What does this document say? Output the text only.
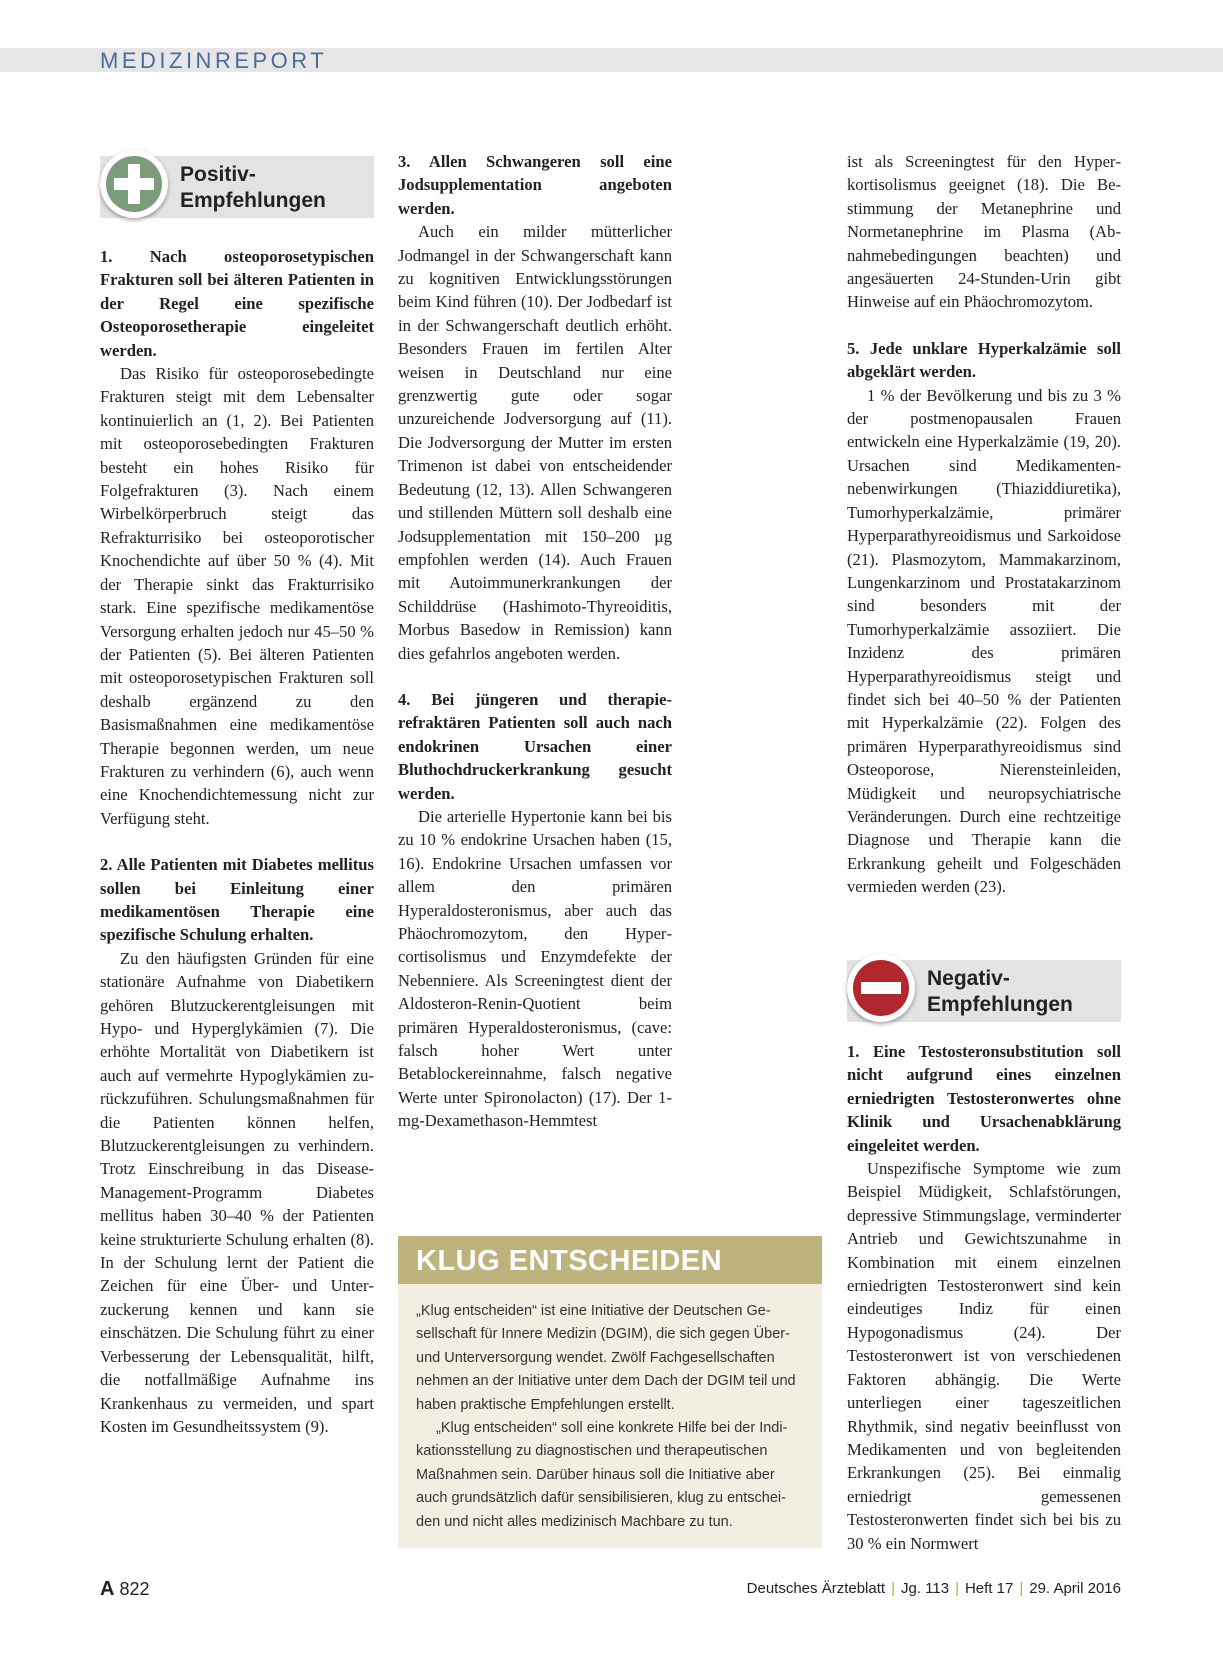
MEDIZINREPORT
Positiv-
Empfehlungen

1. Nach osteoporosetypischen Frakturen soll bei älteren Patienten in der Regel eine spezifische Osteoporosetherapie eingeleitet werden.

Das Risiko für osteoporosebedingte Frakturen steigt mit dem Lebensalter kontinuierlich an (1, 2). Bei Patienten mit osteoporosebedingten Frakturen besteht ein hohes Risiko für Folgefrakturen (3). Nach einem Wirbelkörperbruch steigt das Refrakturrisiko bei osteoporotischer Knochendichte auf über 50 % (4). Mit der Therapie sinkt das Frakturrisiko stark. Eine spezifische medikamentöse Versorgung erhalten jedoch nur 45–50 % der Patienten (5). Bei älteren Patienten mit osteoporosetypischen Frakturen soll deshalb ergänzend zu den Basismaßnahmen eine medikamentöse Therapie begonnen werden, um neue Frakturen zu verhindern (6), auch wenn eine Knochendichtemessung nicht zur Verfügung steht.

2. Alle Patienten mit Diabetes mellitus sollen bei Einleitung einer medikamentösen Therapie eine spezifische Schulung erhalten.

Zu den häufigsten Gründen für eine stationäre Aufnahme von Diabetikern gehören Blutzuckerentgleisungen mit Hypo- und Hyperglykämien (7). Die erhöhte Mortalität von Diabetikern ist auch auf vermehrte Hypoglykämien zurückzuführen. Schulungsmaßnahmen für die Patienten können helfen, Blutzuckerentgleisungen zu verhindern. Trotz Einschreibung in das Disease-Management-Programm Diabetes mellitus haben 30–40 % der Patienten keine strukturierte Schulung erhalten (8). In der Schulung lernt der Patient die Zeichen für eine Über- und Unterzuckerung kennen und kann sie einschätzen. Die Schulung führt zu einer Verbesserung der Lebensqualität, hilft, die notfallmäßige Aufnahme ins Krankenhaus zu vermeiden, und spart Kosten im Gesundheitssystem (9).

3. Allen Schwangeren soll eine Jodsupplementation angeboten werden.

Auch ein milder mütterlicher Jodmangel in der Schwangerschaft kann zu kognitiven Entwicklungsstörungen beim Kind führen (10). Der Jodbedarf ist in der Schwangerschaft deutlich erhöht. Besonders Frauen im fertilen Alter weisen in Deutschland nur eine grenzwertig gute oder sogar unzureichende Jodversorgung auf (11). Die Jodversorgung der Mutter im ersten Trimenon ist dabei von entscheidender Bedeutung (12, 13). Allen Schwangeren und stillenden Müttern soll deshalb eine Jodsupplementation mit 150–200 µg empfohlen werden (14). Auch Frauen mit Autoimmunerkrankungen der Schilddrüse (Hashimoto-Thyreoiditis, Morbus Basedow in Remission) kann dies gefahrlos angeboten werden.

4. Bei jüngeren und therapierefraktären Patienten soll auch nach endokrinen Ursachen einer Bluthochdruckerkrankung gesucht werden.

Die arterielle Hypertonie kann bei bis zu 10 % endokrine Ursachen haben (15, 16). Endokrine Ursachen umfassen vor allem den primären Hyperaldosteronismus, aber auch das Phäochromozytom, den Hypercortisolismus und Enzymdefekte der Nebenniere. Als Screeningtest dient der Aldosteron-Renin-Quotient beim primären Hyperaldosteronismus, (cave: falsch hoher Wert unter Betablockereinnahme, falsch negative Werte unter Spironolacton) (17). Der 1-mg-Dexamethason-Hemmtest

ist als Screeningtest für den Hyperkortisolismus geeignet (18). Die Bestimmung der Metanephrine und Normetanephrine im Plasma (Abnahmebedingungen beachten) und angesäuerten 24-Stunden-Urin gibt Hinweise auf ein Phäochromozytom.

5. Jede unklare Hyperkalzämie soll abgeklärt werden.

1 % der Bevölkerung und bis zu 3 % der postmenopausalen Frauen entwickeln eine Hyperkalzämie (19, 20). Ursachen sind Medikamentennebenwirkungen (Thiaziddiuretika), Tumorhyperkalzämie, primärer Hyperparathyreoidismus und Sarkoidose (21). Plasmozytom, Mammakarzinom, Lungenkarzinom und Prostatakarzinom sind besonders mit der Tumorhyperkalzämie assoziiert. Die Inzidenz des primären Hyperparathyreoidismus steigt und findet sich bei 40–50 % der Patienten mit Hyperkalzämie (22). Folgen des primären Hyperparathyreoidismus sind Osteoporose, Nierensteinleiden, Müdigkeit und neuropsychiatrische Veränderungen. Durch eine rechtzeitige Diagnose und Therapie kann die Erkrankung geheilt und Folgeschäden vermieden werden (23).

Negativ-
Empfehlungen

1. Eine Testosteronsubstitution soll nicht aufgrund eines einzelnen erniedrigten Testosteronwertes ohne Klinik und Ursachenabklärung eingeleitet werden.

Unspezifische Symptome wie zum Beispiel Müdigkeit, Schlafstörungen, depressive Stimmungslage, verminderter Antrieb und Gewichtszunahme in Kombination mit einem einzelnen erniedrigten Testosteronwert sind kein eindeutiges Indiz für einen Hypogonadismus (24). Der Testosteronwert ist von verschiedenen Faktoren abhängig. Die Werte unterliegen einer tageszeitlichen Rhythmik, sind negativ beeinflusst von Medikamenten und von begleitenden Erkrankungen (25). Bei einmalig erniedrigt gemessenen Testosteronwerten findet sich bei bis zu 30 % ein Normwert

KLUG ENTSCHEIDEN

„Klug entscheiden“ ist eine Initiative der Deutschen Gesellschaft für Innere Medizin (DGIM), die sich gegen Über- und Unterversorgung wendet. Zwölf Fachgesellschaften nehmen an der Initiative unter dem Dach der DGIM teil und haben praktische Empfehlungen erstellt.

„Klug entscheiden“ soll eine konkrete Hilfe bei der Indikationsstellung zu diagnostischen und therapeutischen Maßnahmen sein. Darüber hinaus soll die Initiative aber auch grundsätzlich dafür sensibilisieren, klug zu entscheiden und nicht alles medizinisch Machbare zu tun.

A 822	Deutsches Ärzteblatt | Jg. 113 | Heft 17 | 29. April 2016
